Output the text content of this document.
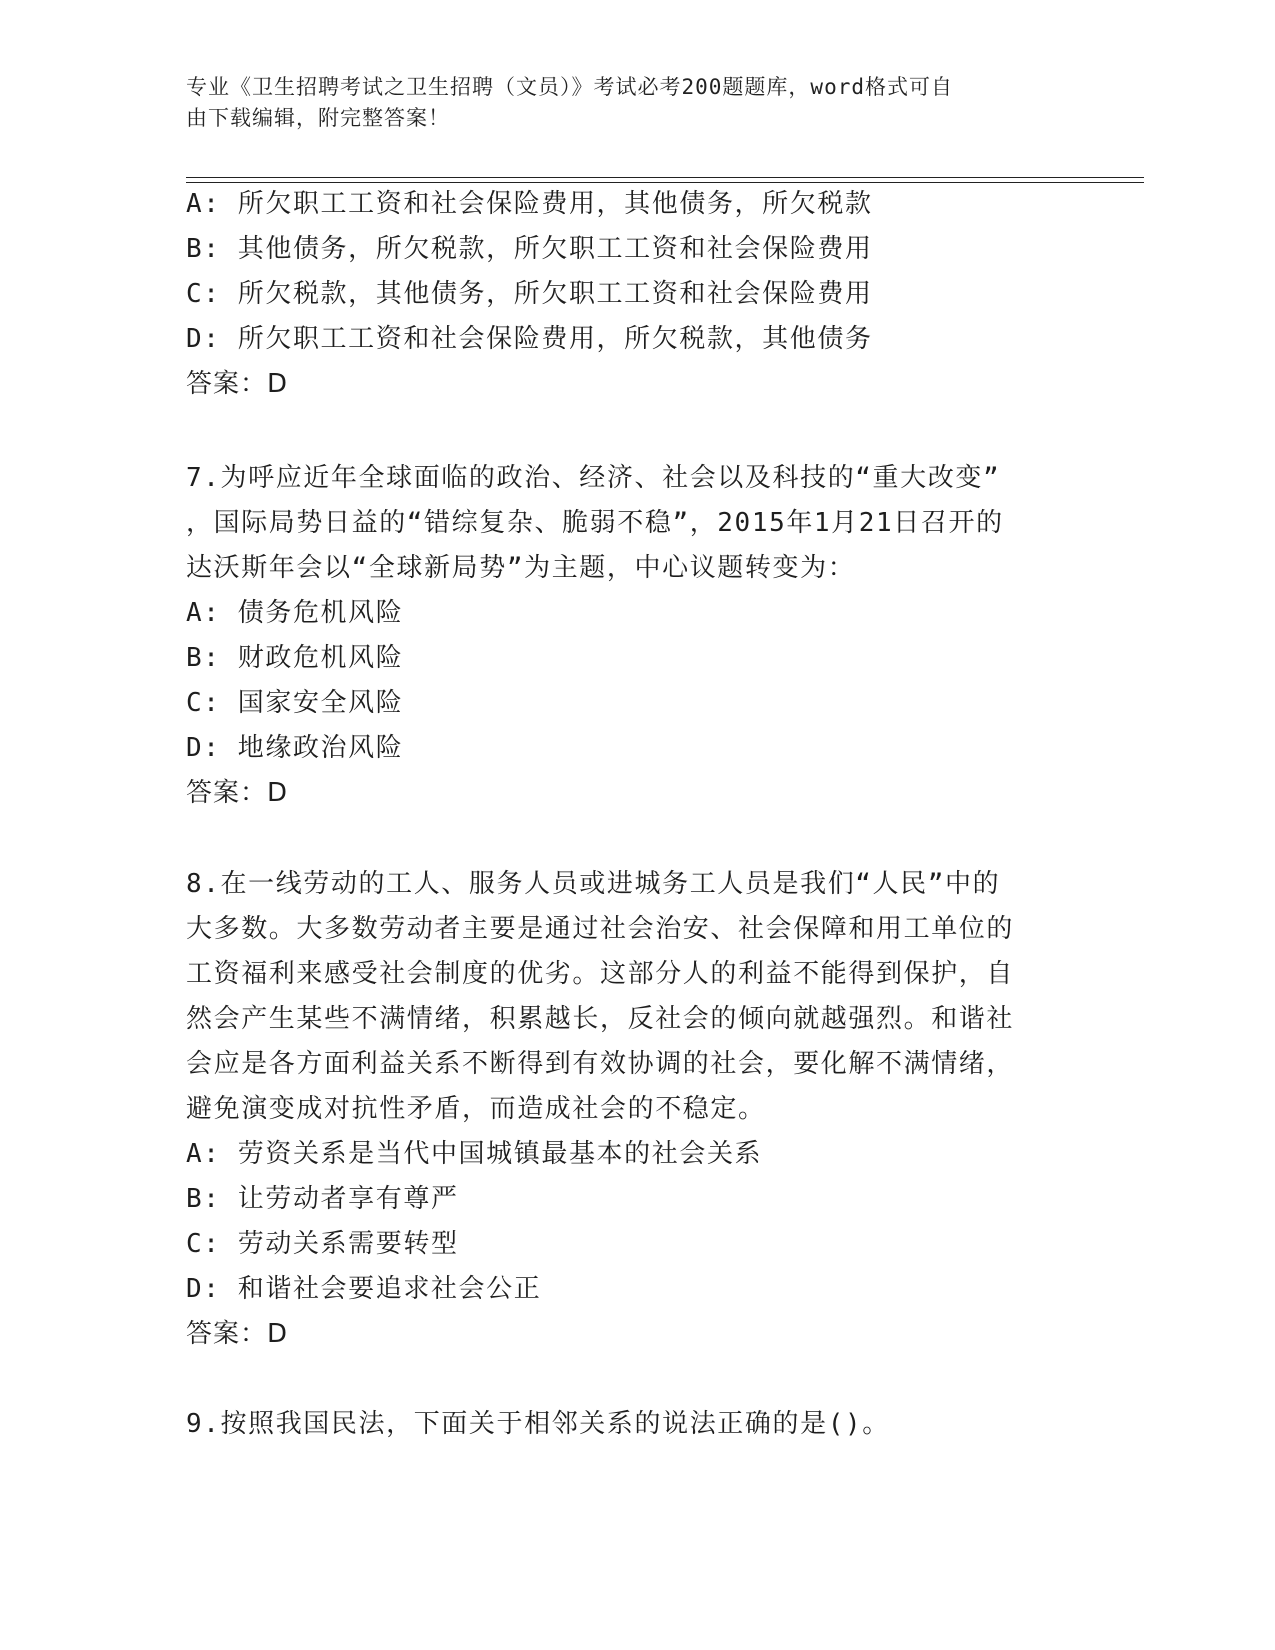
专业《卫生招聘考试之卫生招聘（文员）》考试必考200题题库，word格式可自
由下载编辑，附完整答案！
A: 所欠职工工资和社会保险费用，其他债务，所欠税款
B: 其他债务，所欠税款，所欠职工工资和社会保险费用
C: 所欠税款，其他债务，所欠职工工资和社会保险费用
D: 所欠职工工资和社会保险费用，所欠税款，其他债务
答案：D
7.为呼应近年全球面临的政治、经济、社会以及科技的“重大改变”
，国际局势日益的“错综复杂、脆弱不稳”，2015年1月21日召开的
达沃斯年会以“全球新局势”为主题，中心议题转变为：
A: 债务危机风险
B: 财政危机风险
C: 国家安全风险
D: 地缘政治风险
答案：D
8.在一线劳动的工人、服务人员或进城务工人员是我们“人民”中的
大多数。大多数劳动者主要是通过社会治安、社会保障和用工单位的
工资福利来感受社会制度的优劣。这部分人的利益不能得到保护，自
然会产生某些不满情绪，积累越长，反社会的倾向就越强烈。和谐社
会应是各方面利益关系不断得到有效协调的社会，要化解不满情绪，
避免演变成对抗性矛盾，而造成社会的不稳定。
A: 劳资关系是当代中国城镇最基本的社会关系
B: 让劳动者享有尊严
C: 劳动关系需要转型
D: 和谐社会要追求社会公正
答案：D
9.按照我国民法，下面关于相邻关系的说法正确的是()。
